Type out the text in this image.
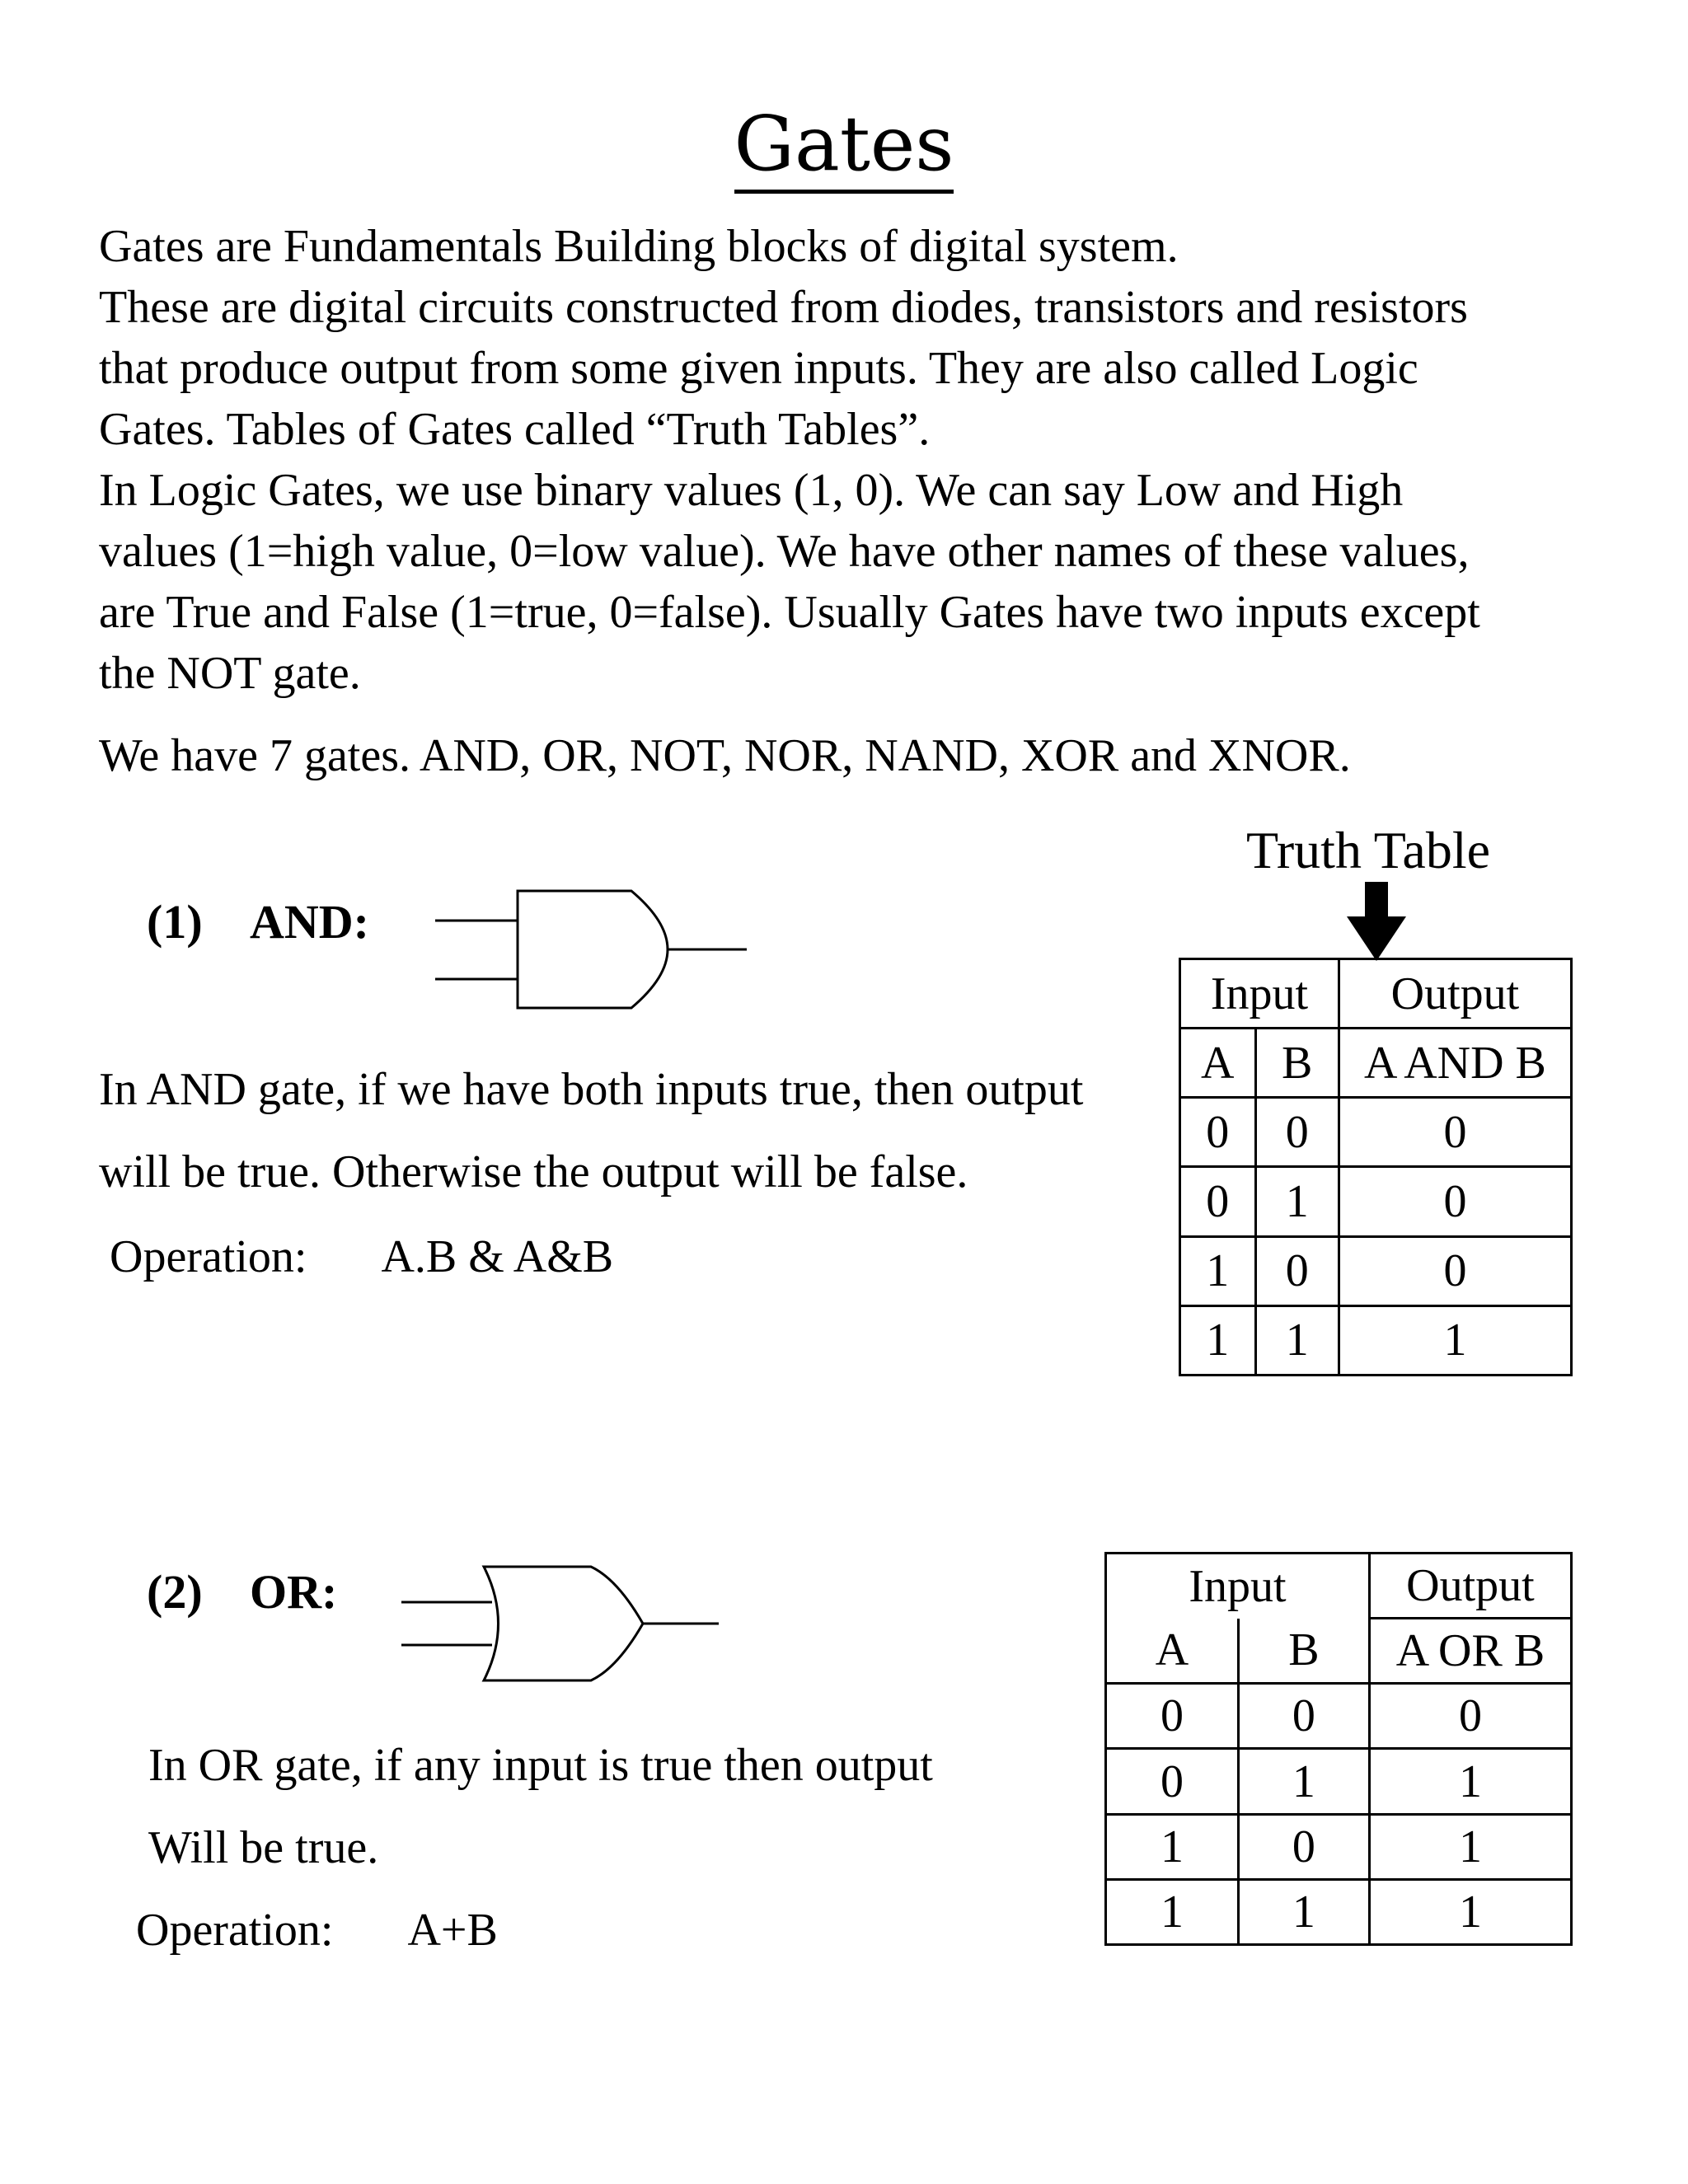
Gates
Gates are Fundamentals Building blocks of digital system.
These are digital circuits constructed from diodes, transistors and resistors
that produce output from some given inputs. They are also called Logic
Gates. Tables of Gates called “Truth Tables”.
In Logic Gates, we use binary values (1, 0). We can say Low and High
values (1=high value, 0=low value). We have other names of these values,
are True and False (1=true, 0=false). Usually Gates have two inputs except
the NOT gate.
We have 7 gates. AND, OR, NOT, NOR, NAND, XOR and XNOR.
Truth Table
(1) AND:
In AND gate, if we have both inputs true, then output
will be true. Otherwise the output will be false.
Operation: A.B & A&B
Input		Output
A	B	A AND B
0	0	0
0	1	0
1	0	0
1	1	1
(2) OR:
In OR gate, if any input is true then output
Will be true.
Operation: A+B
Input		Output
A	B	A OR B
0	0	0
0	1	1
1	0	1
1	1	1
